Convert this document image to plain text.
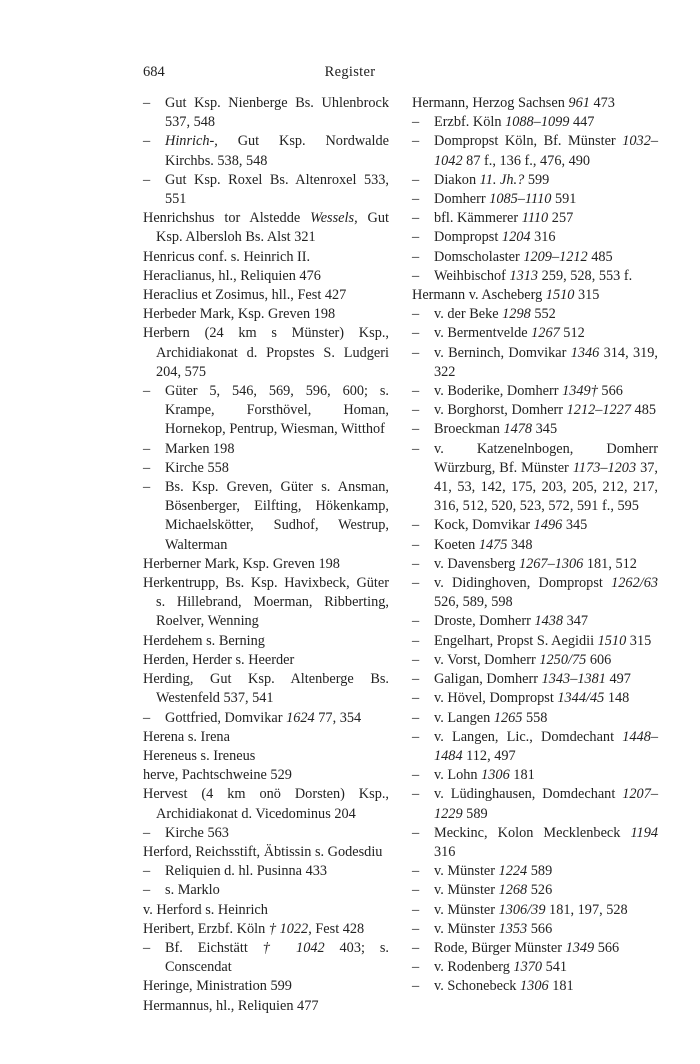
684	Register
– Gut Ksp. Nienberge Bs. Uhlenbrock 537, 548
– Hinrich-, Gut Ksp. Nordwalde Kirchbs. 538, 548
– Gut Ksp. Roxel Bs. Altenroxel 533, 551
Henrichshus tor Alstedde Wessels, Gut Ksp. Albersloh Bs. Alst 321
Henricus conf. s. Heinrich II.
Heraclianus, hl., Reliquien 476
Heraclius et Zosimus, hll., Fest 427
Herbeder Mark, Ksp. Greven 198
Herbern (24 km s Münster) Ksp., Archidiakonat d. Propstes S. Ludgeri 204, 575
– Güter 5, 546, 569, 596, 600; s. Krampe, Forsthövel, Homan, Hornekop, Pentrup, Wiesman, Witthof
– Marken 198
– Kirche 558
– Bs. Ksp. Greven, Güter s. Ansman, Bösenberger, Eilfting, Hökenkamp, Michaelskötter, Sudhof, Westrup, Walterman
Herberner Mark, Ksp. Greven 198
Herkentrupp, Bs. Ksp. Havixbeck, Güter s. Hillebrand, Moerman, Ribberting, Roelver, Wenning
Herdehem s. Berning
Herden, Herder s. Heerder
Herding, Gut Ksp. Altenberge Bs. Westenfeld 537, 541
– Gottfried, Domvikar 1624 77, 354
Herena s. Irena
Hereneus s. Ireneus
herve, Pachtschweine 529
Hervest (4 km onö Dorsten) Ksp., Archidiakonat d. Vicedominus 204
– Kirche 563
Herford, Reichsstift, Äbtissin s. Godesdiu
– Reliquien d. hl. Pusinna 433
– s. Marklo
v. Herford s. Heinrich
Heribert, Erzbf. Köln † 1022, Fest 428
– Bf. Eichstätt † 1042 403; s. Conscendat
Heringe, Ministration 599
Hermannus, hl., Reliquien 477
Hermann, Herzog Sachsen 961 473
– Erzbf. Köln 1088–1099 447
– Dompropst Köln, Bf. Münster 1032–1042 87 f., 136 f., 476, 490
– Diakon 11. Jh.? 599
– Domherr 1085–1110 591
– bfl. Kämmerer 1110 257
– Dompropst 1204 316
– Domscholaster 1209–1212 485
– Weihbischof 1313 259, 528, 553 f.
Hermann v. Ascheberg 1510 315
– v. der Beke 1298 552
– v. Bermentvelde 1267 512
– v. Berninch, Domvikar 1346 314, 319, 322
– v. Boderike, Domherr 1349† 566
– v. Borghorst, Domherr 1212–1227 485
– Broeckman 1478 345
– v. Katzenelnbogen, Domherr Würzburg, Bf. Münster 1173–1203 37, 41, 53, 142, 175, 203, 205, 212, 217, 316, 512, 520, 523, 572, 591 f., 595
– Kock, Domvikar 1496 345
– Koeten 1475 348
– v. Davensberg 1267–1306 181, 512
– v. Didinghoven, Dompropst 1262/63 526, 589, 598
– Droste, Domherr 1438 347
– Engelhart, Propst S. Aegidii 1510 315
– v. Vorst, Domherr 1250/75 606
– Galigan, Domherr 1343–1381 497
– v. Hövel, Dompropst 1344/45 148
– v. Langen 1265 558
– v. Langen, Lic., Domdechant 1448–1484 112, 497
– v. Lohn 1306 181
– v. Lüdinghausen, Domdechant 1207–1229 589
– Meckinc, Kolon Mecklenbeck 1194 316
– v. Münster 1224 589
– v. Münster 1268 526
– v. Münster 1306/39 181, 197, 528
– v. Münster 1353 566
– Rode, Bürger Münster 1349 566
– v. Rodenberg 1370 541
– v. Schonebeck 1306 181
